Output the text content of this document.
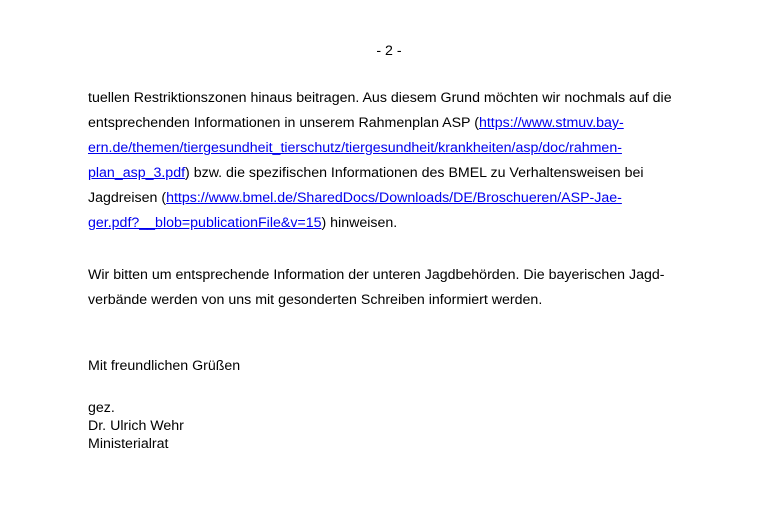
- 2 -
tuellen Restriktionszonen hinaus beitragen. Aus diesem Grund möchten wir nochmals auf die
entsprechenden Informationen in unserem Rahmenplan ASP (https://www.stmuv.bay-
ern.de/themen/tiergesundheit_tierschutz/tiergesundheit/krankheiten/asp/doc/rahmen-
plan_asp_3.pdf) bzw. die spezifischen Informationen des BMEL zu Verhaltensweisen bei
Jagdreisen (https://www.bmel.de/SharedDocs/Downloads/DE/Broschueren/ASP-Jae-
ger.pdf?__blob=publicationFile&v=15) hinweisen.
Wir bitten um entsprechende Information der unteren Jagdbehörden. Die bayerischen Jagd-
verbände werden von uns mit gesonderten Schreiben informiert werden.
Mit freundlichen Grüßen
gez.
Dr. Ulrich Wehr
Ministerialrat
